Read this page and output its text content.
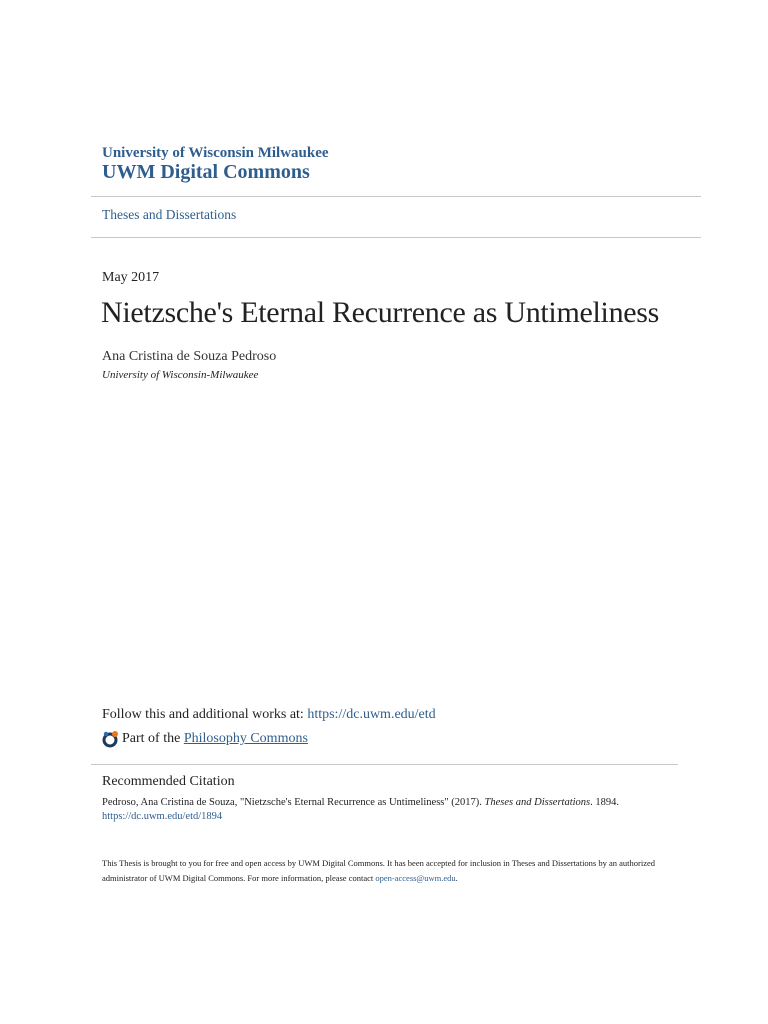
University of Wisconsin Milwaukee
UWM Digital Commons
Theses and Dissertations
May 2017
Nietzsche's Eternal Recurrence as Untimeliness
Ana Cristina de Souza Pedroso
University of Wisconsin-Milwaukee
Follow this and additional works at: https://dc.uwm.edu/etd
Part of the
Philosophy Commons
Recommended Citation
Pedroso, Ana Cristina de Souza, "Nietzsche's Eternal Recurrence as Untimeliness" (2017). Theses and Dissertations. 1894.
https://dc.uwm.edu/etd/1894
This Thesis is brought to you for free and open access by UWM Digital Commons. It has been accepted for inclusion in Theses and Dissertations by an authorized administrator of UWM Digital Commons. For more information, please contact open-access@uwm.edu.
